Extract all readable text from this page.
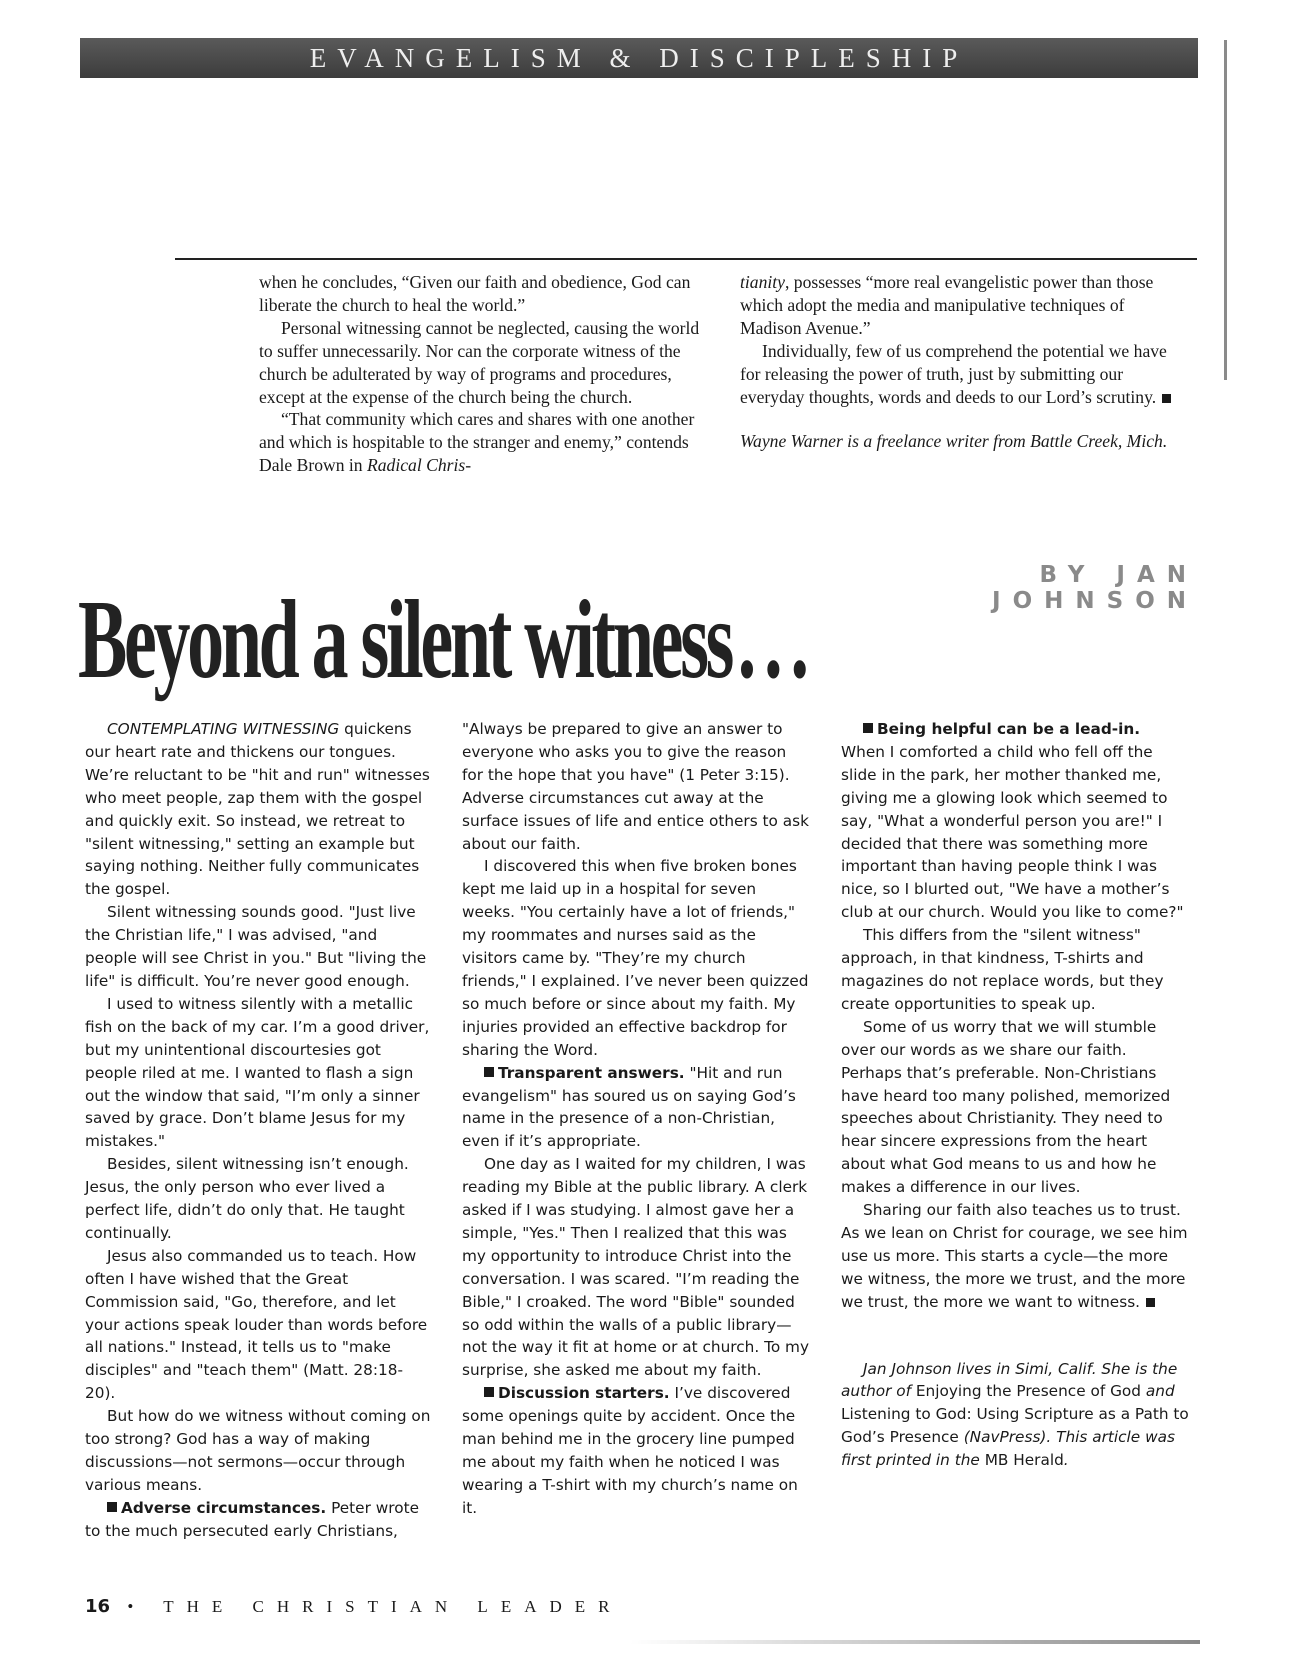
EVANGELISM & DISCIPLESHIP

when he concludes, “Given our faith and obedience, God can liberate the church to heal the world.”

Personal witnessing cannot be neglected, causing the world to suffer unnecessarily. Nor can the corporate witness of the church be adulterated by way of programs and procedures, except at the expense of the church being the church.

“That community which cares and shares with one another and which is hospitable to the stranger and enemy,” contends Dale Brown in Radical Chris-

tianity, possesses “more real evangelistic power than those which adopt the media and manipulative techniques of Madison Avenue.”

Individually, few of us comprehend the potential we have for releasing the power of truth, just by submitting our everyday thoughts, words and deeds to our Lord’s scrutiny.

Wayne Warner is a freelance writer from Battle Creek, Mich.

BY JAN JOHNSON
Beyond a silent witness...

CONTEMPLATING WITNESSING quickens our heart rate and thickens our tongues. We’re reluctant to be "hit and run" witnesses who meet people, zap them with the gospel and quickly exit. So instead, we retreat to "silent witnessing," setting an example but saying nothing. Neither fully communicates the gospel.

Silent witnessing sounds good. "Just live the Christian life," I was advised, "and people will see Christ in you." But "living the life" is difficult. You’re never good enough.

I used to witness silently with a metallic fish on the back of my car. I’m a good driver, but my unintentional discourtesies got people riled at me. I wanted to flash a sign out the window that said, "I’m only a sinner saved by grace. Don’t blame Jesus for my mistakes."

Besides, silent witnessing isn’t enough. Jesus, the only person who ever lived a perfect life, didn’t do only that. He taught continually.

Jesus also commanded us to teach. How often I have wished that the Great Commission said, "Go, therefore, and let your actions speak louder than words before all nations." Instead, it tells us to "make disciples" and "teach them" (Matt. 28:18-20).

But how do we witness without coming on too strong? God has a way of making discussions—not sermons—occur through various means.

Adverse circumstances. Peter wrote to the much persecuted early Christians,

"Always be prepared to give an answer to everyone who asks you to give the reason for the hope that you have" (1 Peter 3:15). Adverse circumstances cut away at the surface issues of life and entice others to ask about our faith.

I discovered this when five broken bones kept me laid up in a hospital for seven weeks. "You certainly have a lot of friends," my roommates and nurses said as the visitors came by. "They’re my church friends," I explained. I’ve never been quizzed so much before or since about my faith. My injuries provided an effective backdrop for sharing the Word.

Transparent answers. "Hit and run evangelism" has soured us on saying God’s name in the presence of a non-Christian, even if it’s appropriate.

One day as I waited for my children, I was reading my Bible at the public library. A clerk asked if I was studying. I almost gave her a simple, "Yes." Then I realized that this was my opportunity to introduce Christ into the conversation. I was scared. "I’m reading the Bible," I croaked. The word "Bible" sounded so odd within the walls of a public library—not the way it fit at home or at church. To my surprise, she asked me about my faith.

Discussion starters. I’ve discovered some openings quite by accident. Once the man behind me in the grocery line pumped me about my faith when he noticed I was wearing a T-shirt with my church’s name on it.

Being helpful can be a lead-in.

When I comforted a child who fell off the slide in the park, her mother thanked me, giving me a glowing look which seemed to say, "What a wonderful person you are!" I decided that there was something more important than having people think I was nice, so I blurted out, "We have a mother’s club at our church. Would you like to come?"

This differs from the "silent witness" approach, in that kindness, T-shirts and magazines do not replace words, but they create opportunities to speak up.

Some of us worry that we will stumble over our words as we share our faith. Perhaps that’s preferable. Non-Christians have heard too many polished, memorized speeches about Christianity. They need to hear sincere expressions from the heart about what God means to us and how he makes a difference in our lives.

Sharing our faith also teaches us to trust. As we lean on Christ for courage, we see him use us more. This starts a cycle—the more we witness, the more we trust, and the more we trust, the more we want to witness.

Jan Johnson lives in Simi, Calif. She is the author of Enjoying the Presence of God and Listening to God: Using Scripture as a Path to God’s Presence (NavPress). This article was first printed in the MB Herald.

16 • THE CHRISTIAN LEADER
